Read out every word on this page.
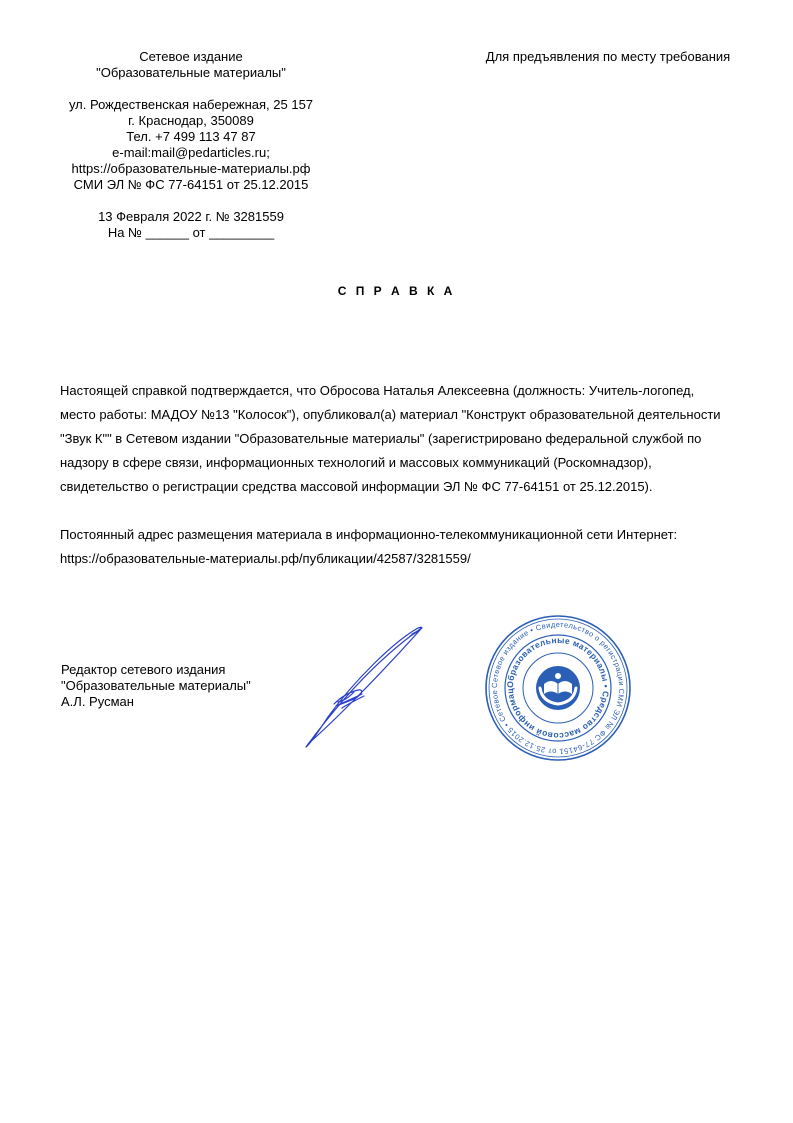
Сетевое издание
"Образовательные материалы"
ул. Рождественская набережная, 25 157
г. Краснодар, 350089
Тел. +7 499 113 47 87
e-mail:mail@pedarticles.ru;
https://образовательные-материалы.рф
СМИ ЭЛ № ФС 77-64151 от 25.12.2015
13 Февраля 2022 г. № 3281559
На № ______ от _________
Для предъявления по месту требования
С П Р А В К А
Настоящей справкой подтверждается, что Обросова Наталья Алексеевна (должность: Учитель-логопед,
место работы: МАДОУ №13 "Колосок"), опубликовал(а) материал "Конструкт образовательной деятельности
"Звук К"" в Сетевом издании "Образовательные материалы" (зарегистрировано федеральной службой по
надзору в сфере связи, информационных технологий и массовых коммуникаций (Роскомнадзор),
свидетельство о регистрации средства массовой информации ЭЛ № ФС 77-64151 от 25.12.2015).
Постоянный адрес размещения материала в информационно-телекоммуникационной сети Интернет:
https://образовательные-материалы.рф/публикации/42587/3281559/
Редактор сетевого издания
"Образовательные материалы"
А.Л. Русман
Сетевое издание • Свидетельство о регистрации СМИ ЭЛ № ФС 77-64151 от 25.12.2015 • Сетевое
Образовательные материалы • Средство массовой информац
